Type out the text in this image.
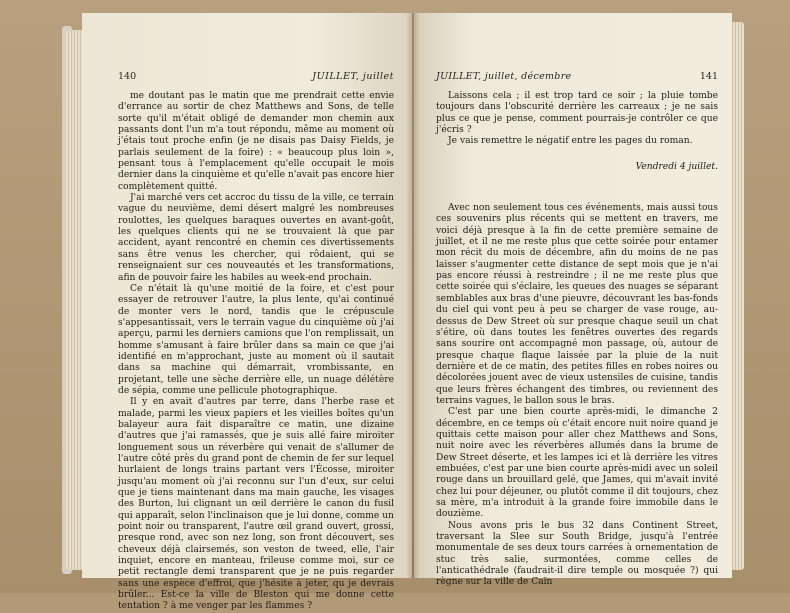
140	JUILLET, juillet

me doutant pas le matin que me prendrait cette envie d'errance au sortir de chez Matthews and Sons, de telle sorte qu'il m'était obligé de demander mon chemin aux passants dont l'un m'a tout répondu, même au moment où j'étais tout proche enfin (je ne disais pas Daisy Fields, je parlais seulement de la foire) : « beaucoup plus loin », pensant tous à l'emplacement qu'elle occupait le mois dernier dans la cinquième et qu'elle n'avait pas encore hier complètement quitté.

J'ai marché vers cet accroc du tissu de la ville, ce terrain vague du neuvième, demi désert malgré les nombreuses roulottes, les quelques baraques ouvertes en avant-goût, les quelques clients qui ne se trouvaient là que par accident, ayant rencontré en chemin ces divertissements sans être venus les chercher, qui rôdaient, qui se renseignaient sur ces nouveautés et les transformations, afin de pouvoir faire les habiles au week-end prochain.

Ce n'était là qu'une moitié de la foire, et c'est pour essayer de retrouver l'autre, la plus lente, qu'ai continué de monter vers le nord, tandis que le crépuscule s'appesantissait, vers le terrain vague du cinquième où j'ai aperçu, parmi les derniers camions que l'on remplissait, un homme s'amusant à faire brûler dans sa main ce que j'ai identifié en m'approchant, juste au moment où il sautait dans sa machine qui démarrait, vrombissante, en projetant, telle une sèche derrière elle, un nuage délétère de sépia, comme une pellicule photographique.

Il y en avait d'autres par terre, dans l'herbe rase et malade, parmi les vieux papiers et les vieilles boîtes qu'un balayeur aura fait disparaître ce matin, une dizaine d'autres que j'ai ramassés, que je suis allé faire miroiter longuement sous un réverbère qui venait de s'allumer de l'autre côté près du grand pont de chemin de fer sur lequel hurlaient de longs trains partant vers l'Écosse, miroiter jusqu'au moment où j'ai reconnu sur l'un d'eux, sur celui que je tiens maintenant dans ma main gauche, les visages des Burton, lui clignant un œil derrière le canon du fusil qui apparaît, selon l'inclinaison que je lui donne, comme un point noir ou transparent, l'autre œil grand ouvert, grossi, presque rond, avec son nez long, son front découvert, ses cheveux déjà clairsemés, son veston de tweed, elle, l'air inquiet, encore en manteau, frileuse comme moi, sur ce petit rectangle demi transparent que je ne puis regarder sans une espèce d'effroi, que j'hésite à jeter, qu je devrais brûler... Est-ce la ville de Bleston qui me donne cette tentation ? à me venger par les flammes ?

JUILLET, juillet, décembre	141

Laissons cela ; il est trop tard ce soir ; la pluie tombe toujours dans l'obscurité derrière les carreaux ; je ne sais plus ce que je pense, comment pourrais-je contrôler ce que j'écris ?

Je vais remettre le négatif entre les pages du roman.

Vendredi 4 juillet.

Avec non seulement tous ces événements, mais aussi tous ces souvenirs plus récents qui se mettent en travers, me voici déjà presque à la fin de cette première semaine de juillet, et il ne me reste plus que cette soirée pour entamer mon récit du mois de décembre, afin du moins de ne pas laisser s'augmenter cette distance de sept mois que je n'ai pas encore réussi à restreindre ; il ne me reste plus que cette soirée qui s'éclaire, les queues des nuages se séparant semblables aux bras d'une pieuvre, découvrant les bas-fonds du ciel qui vont peu à peu se charger de vase rouge, au-dessus de Dew Street où sur presque chaque seuil un chat s'étire, où dans toutes les fenêtres ouvertes des regards sans sourire ont accompagné mon passage, où, autour de presque chaque flaque laissée par la pluie de la nuit dernière et de ce matin, des petites filles en robes noires ou décolorées jouent avec de vieux ustensiles de cuisine, tandis que leurs frères échangent des timbres, ou reviennent des terrains vagues, le ballon sous le bras.

C'est par une bien courte après-midi, le dimanche 2 décembre, en ce temps où c'était encore nuit noire quand je quittais cette maison pour aller chez Matthews and Sons, nuit noire avec les réverbères allumés dans la brume de Dew Street déserte, et les lampes ici et là derrière les vitres embuées, c'est par une bien courte après-midi avec un soleil rouge dans un brouillard gelé, que James, qui m'avait invité chez lui pour déjeuner, ou plutôt comme il dit toujours, chez sa mère, m'a introduit à la grande foire immobile dans le douzième.

Nous avons pris le bus 32 dans Continent Street, traversant la Slee sur South Bridge, jusqu'à l'entrée monumentale de ses deux tours carrées à ornementation de stuc très salie, surmontées, comme celles de l'anticathédrale (faudrait-il dire temple ou mosquée ?) qui règne sur la ville de Caïn
